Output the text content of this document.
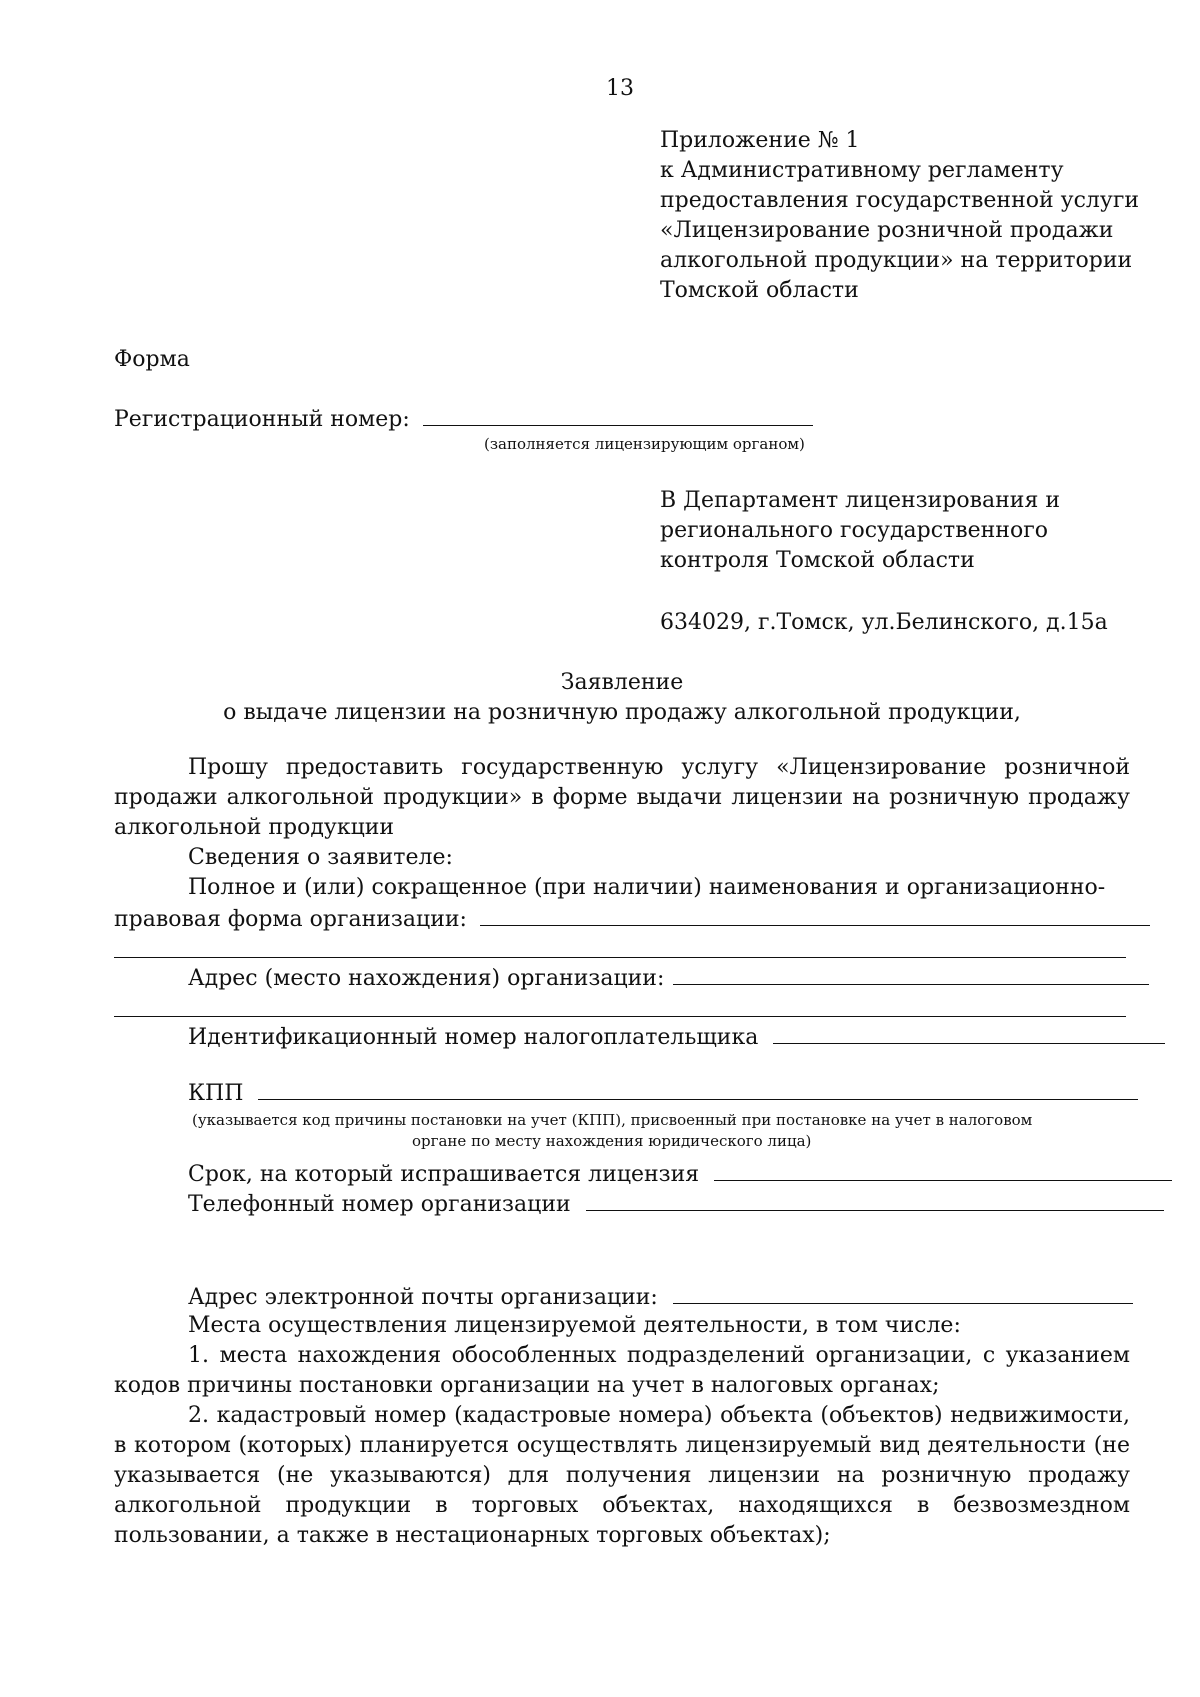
13
Приложение № 1
к Административному регламенту
предоставления государственной услуги
«Лицензирование розничной продажи
алкогольной продукции» на территории
Томской области
Форма
Регистрационный номер:
(заполняется лицензирующим органом)
В Департамент лицензирования и
регионального государственного
контроля Томской области
634029, г.Томск, ул.Белинского, д.15а
Заявление
о выдаче лицензии на розничную продажу алкогольной продукции,
Прошу предоставить государственную услугу «Лицензирование розничной продажи алкогольной продукции» в форме выдачи лицензии на розничную продажу алкогольной продукции
Сведения о заявителе:
Полное и (или) сокращенное (при наличии) наименования и организационно-
правовая форма организации:
Адрес (место нахождения) организации:
Идентификационный номер налогоплательщика
КПП
(указывается код причины постановки на учет (КПП), присвоенный при постановке на учет в налоговом
органе по месту нахождения юридического лица)
Срок, на который испрашивается лицензия
Телефонный номер организации
Адрес электронной почты организации:
Места осуществления лицензируемой деятельности, в том числе:
1. места нахождения обособленных подразделений организации, с указанием кодов причины постановки организации на учет в налоговых органах;
2. кадастровый номер (кадастровые номера) объекта (объектов) недвижимости, в котором (которых) планируется осуществлять лицензируемый вид деятельности (не указывается (не указываются) для получения лицензии на розничную продажу алкогольной продукции в торговых объектах, находящихся в безвозмездном пользовании, а также в нестационарных торговых объектах);
